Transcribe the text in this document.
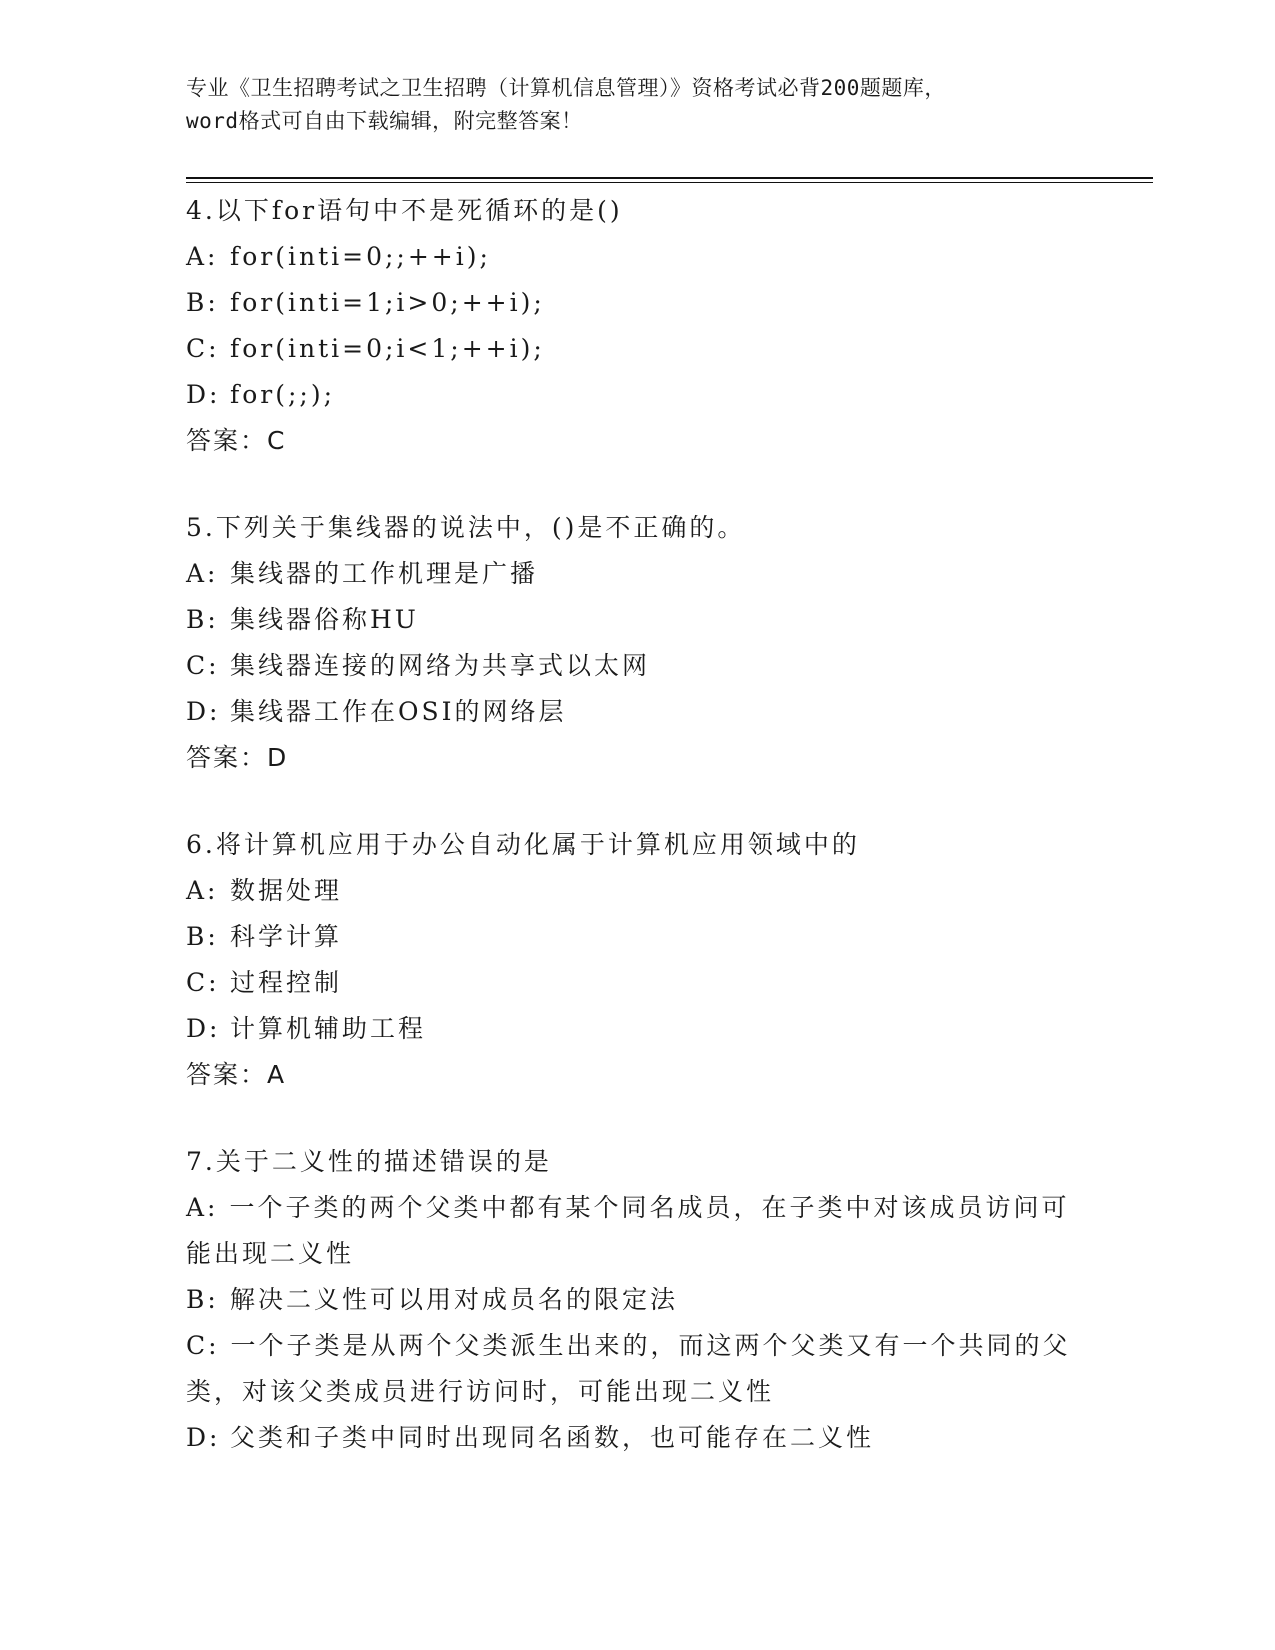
专业《卫生招聘考试之卫生招聘（计算机信息管理）》资格考试必背200题题库，
word格式可自由下载编辑，附完整答案！
4.以下for语句中不是死循环的是()
A: for(inti=0;;++i);
B: for(inti=1;i>0;++i);
C: for(inti=0;i<1;++i);
D: for(;;);
答案：C
5.下列关于集线器的说法中，()是不正确的。
A: 集线器的工作机理是广播
B: 集线器俗称HU
C: 集线器连接的网络为共享式以太网
D: 集线器工作在OSI的网络层
答案：D
6.将计算机应用于办公自动化属于计算机应用领域中的
A: 数据处理
B: 科学计算
C: 过程控制
D: 计算机辅助工程
答案：A
7.关于二义性的描述错误的是
A: 一个子类的两个父类中都有某个同名成员，在子类中对该成员访问可能出现二义性
B: 解决二义性可以用对成员名的限定法
C: 一个子类是从两个父类派生出来的，而这两个父类又有一个共同的父类，对该父类成员进行访问时，可能出现二义性
D: 父类和子类中同时出现同名函数，也可能存在二义性
